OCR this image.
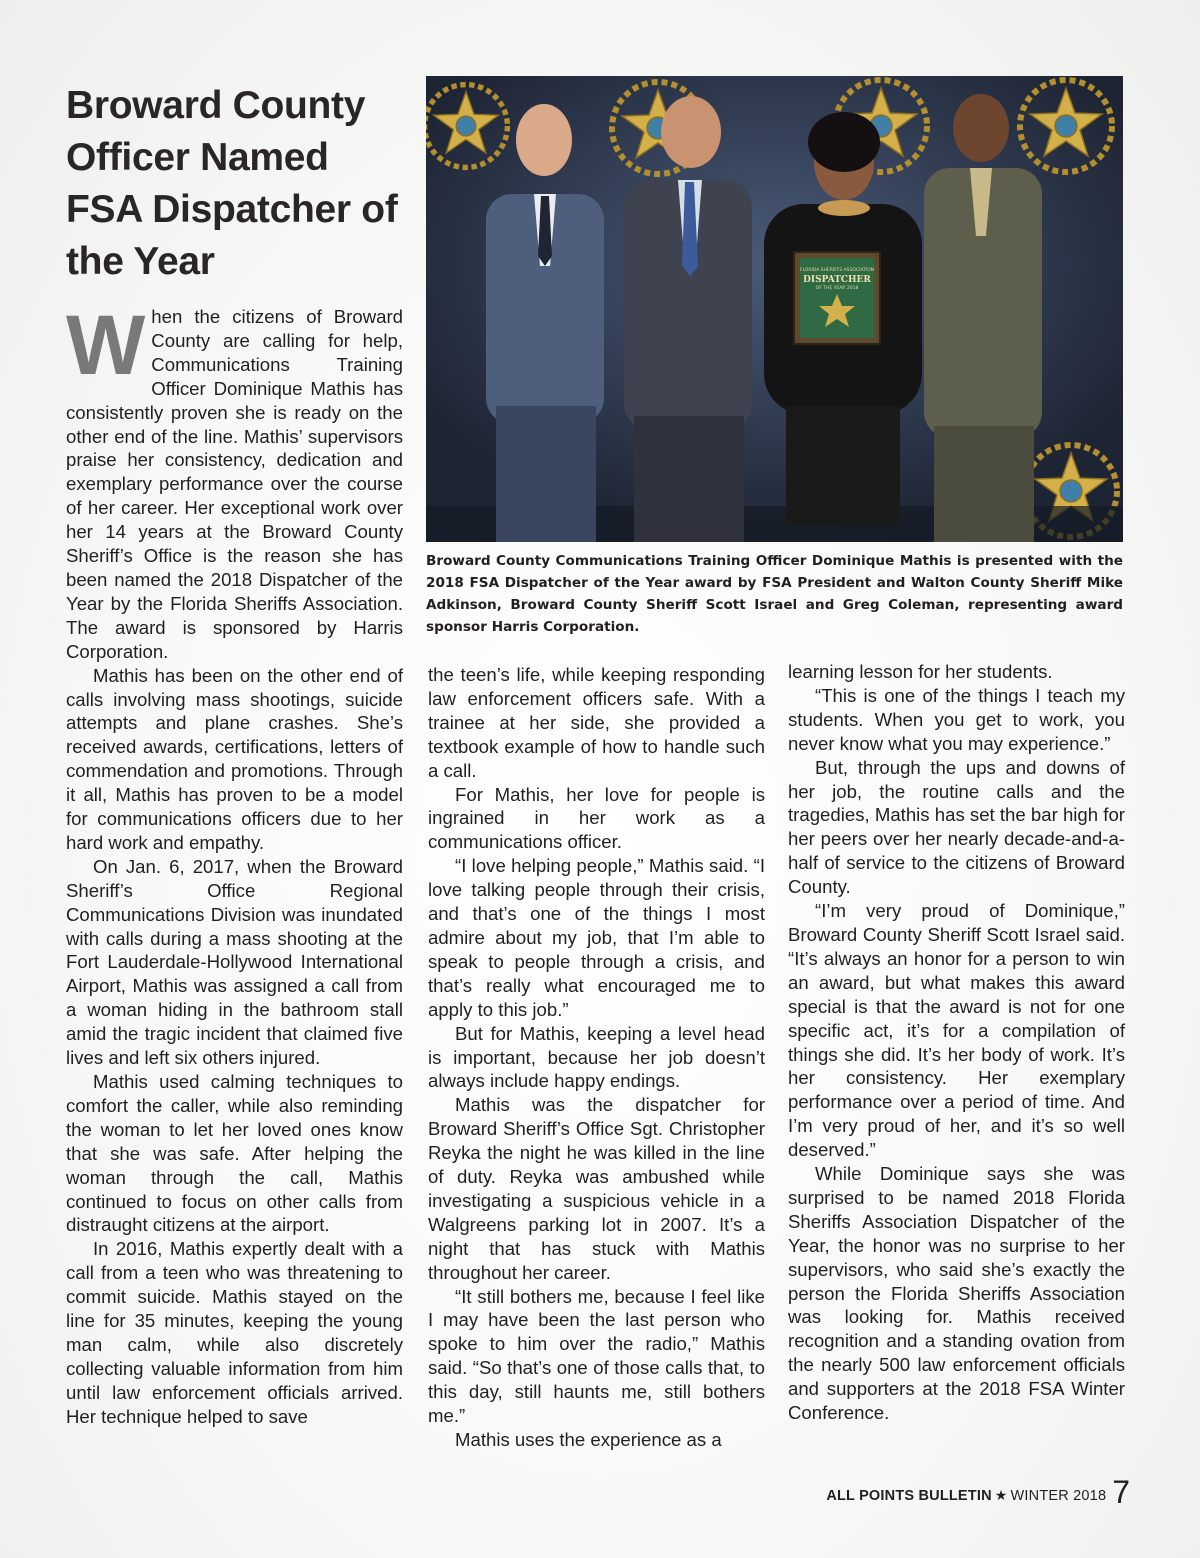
Broward County Officer Named FSA Dispatcher of the Year

When the citizens of Broward County are calling for help, Communications Training Officer Dominique Mathis has consistently proven she is ready on the other end of the line. Mathis’ supervisors praise her consistency, dedication and exemplary performance over the course of her career. Her exceptional work over her 14 years at the Broward County Sheriff’s Office is the reason she has been named the 2018 Dispatcher of the Year by the Florida Sheriffs Association. The award is sponsored by Harris Corporation.

Mathis has been on the other end of calls involving mass shootings, suicide attempts and plane crashes. She’s received awards, certifications, letters of commendation and promotions. Through it all, Mathis has proven to be a model for communications officers due to her hard work and empathy.

On Jan. 6, 2017, when the Broward Sheriff’s Office Regional Communications Division was inundated with calls during a mass shooting at the Fort Lauderdale-Hollywood International Airport, Mathis was assigned a call from a woman hiding in the bathroom stall amid the tragic incident that claimed five lives and left six others injured.

Mathis used calming techniques to comfort the caller, while also reminding the woman to let her loved ones know that she was safe. After helping the woman through the call, Mathis continued to focus on other calls from distraught citizens at the airport.

In 2016, Mathis expertly dealt with a call from a teen who was threatening to commit suicide. Mathis stayed on the line for 35 minutes, keeping the young man calm, while also discretely collecting valuable information from him until law enforcement officials arrived. Her technique helped to save

FLORIDA SHERIFFS ASSOCIATION
DISPATCHER
OF THE YEAR 2018
Broward County Communications Training Officer Dominique Mathis is presented with the 2018 FSA Dispatcher of the Year award by FSA President and Walton County Sheriff Mike Adkinson, Broward County Sheriff Scott Israel and Greg Coleman, representing award sponsor Harris Corporation.

the teen’s life, while keeping responding law enforcement officers safe. With a trainee at her side, she provided a textbook example of how to handle such a call.

For Mathis, her love for people is ingrained in her work as a communications officer.

“I love helping people,” Mathis said. “I love talking people through their crisis, and that’s one of the things I most admire about my job, that I’m able to speak to people through a crisis, and that’s really what encouraged me to apply to this job.”

But for Mathis, keeping a level head is important, because her job doesn’t always include happy endings.

Mathis was the dispatcher for Broward Sheriff’s Office Sgt. Christopher Reyka the night he was killed in the line of duty. Reyka was ambushed while investigating a suspicious vehicle in a Walgreens parking lot in 2007. It’s a night that has stuck with Mathis throughout her career.

“It still bothers me, because I feel like I may have been the last person who spoke to him over the radio,” Mathis said. “So that’s one of those calls that, to this day, still haunts me, still bothers me.”

Mathis uses the experience as a

learning lesson for her students.

“This is one of the things I teach my students. When you get to work, you never know what you may experience.”

But, through the ups and downs of her job, the routine calls and the tragedies, Mathis has set the bar high for her peers over her nearly decade-and-a-half of service to the citizens of Broward County.

“I’m very proud of Dominique,” Broward County Sheriff Scott Israel said. “It’s always an honor for a person to win an award, but what makes this award special is that the award is not for one specific act, it’s for a compilation of things she did. It’s her body of work. It’s her consistency. Her exemplary performance over a period of time. And I’m very proud of her, and it’s so well deserved.”

While Dominique says she was surprised to be named 2018 Florida Sheriffs Association Dispatcher of the Year, the honor was no surprise to her supervisors, who said she’s exactly the person the Florida Sheriffs Association was looking for. Mathis received recognition and a standing ovation from the nearly 500 law enforcement officials and supporters at the 2018 FSA Winter Conference.

ALL POINTS BULLETIN ★ WINTER 2018 7
